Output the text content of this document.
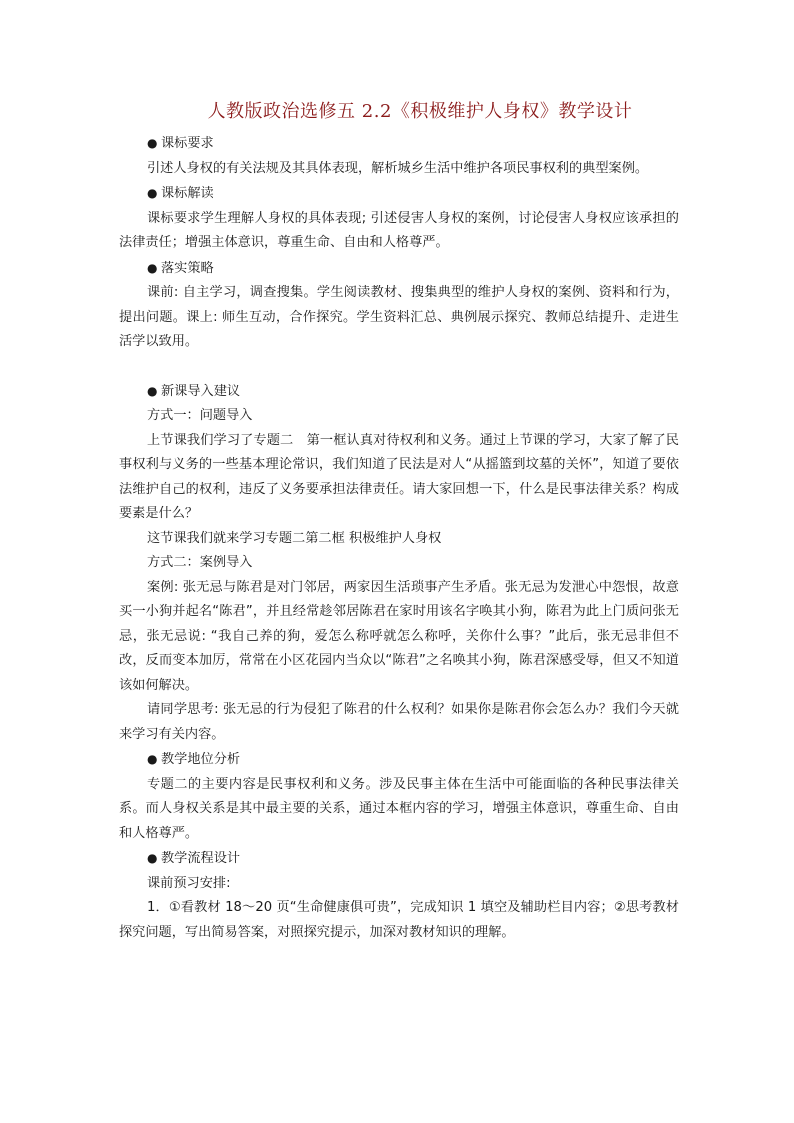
人教版政治选修五 2.2《积极维护人身权》教学设计

● 课标要求

引述人身权的有关法规及其具体表现，解析城乡生活中维护各项民事权利的典型案例。

● 课标解读

课标要求学生理解人身权的具体表现; 引述侵害人身权的案例，讨论侵害人身权应该承担的法律责任；增强主体意识，尊重生命、自由和人格尊严。

● 落实策略

课前: 自主学习，调查搜集。学生阅读教材、搜集典型的维护人身权的案例、资料和行为，提出问题。课上: 师生互动，合作探究。学生资料汇总、典例展示探究、教师总结提升、走进生活学以致用。

● 新课导入建议

方式一：问题导入

上节课我们学习了专题二　第一框认真对待权利和义务。通过上节课的学习，大家了解了民事权利与义务的一些基本理论常识，我们知道了民法是对人“从摇篮到坟墓的关怀”，知道了要依法维护自己的权利，违反了义务要承担法律责任。请大家回想一下，什么是民事法律关系？构成要素是什么？

这节课我们就来学习专题二第二框 积极维护人身权

方式二：案例导入

案例: 张无忌与陈君是对门邻居，两家因生活琐事产生矛盾。张无忌为发泄心中怨恨，故意买一小狗并起名“陈君”，并且经常趁邻居陈君在家时用该名字唤其小狗，陈君为此上门质问张无忌，张无忌说: “我自己养的狗，爱怎么称呼就怎么称呼，关你什么事？”此后，张无忌非但不改，反而变本加厉，常常在小区花园内当众以“陈君”之名唤其小狗，陈君深感受辱，但又不知道该如何解决。

请同学思考: 张无忌的行为侵犯了陈君的什么权利？如果你是陈君你会怎么办？我们今天就来学习有关内容。

● 教学地位分析

专题二的主要内容是民事权利和义务。涉及民事主体在生活中可能面临的各种民事法律关系。而人身权关系是其中最主要的关系，通过本框内容的学习，增强主体意识，尊重生命、自由和人格尊严。

● 教学流程设计

课前预习安排:

1．①看教材 18～20 页“生命健康俱可贵”，完成知识 1 填空及辅助栏目内容；②思考教材探究问题，写出简易答案，对照探究提示，加深对教材知识的理解。
